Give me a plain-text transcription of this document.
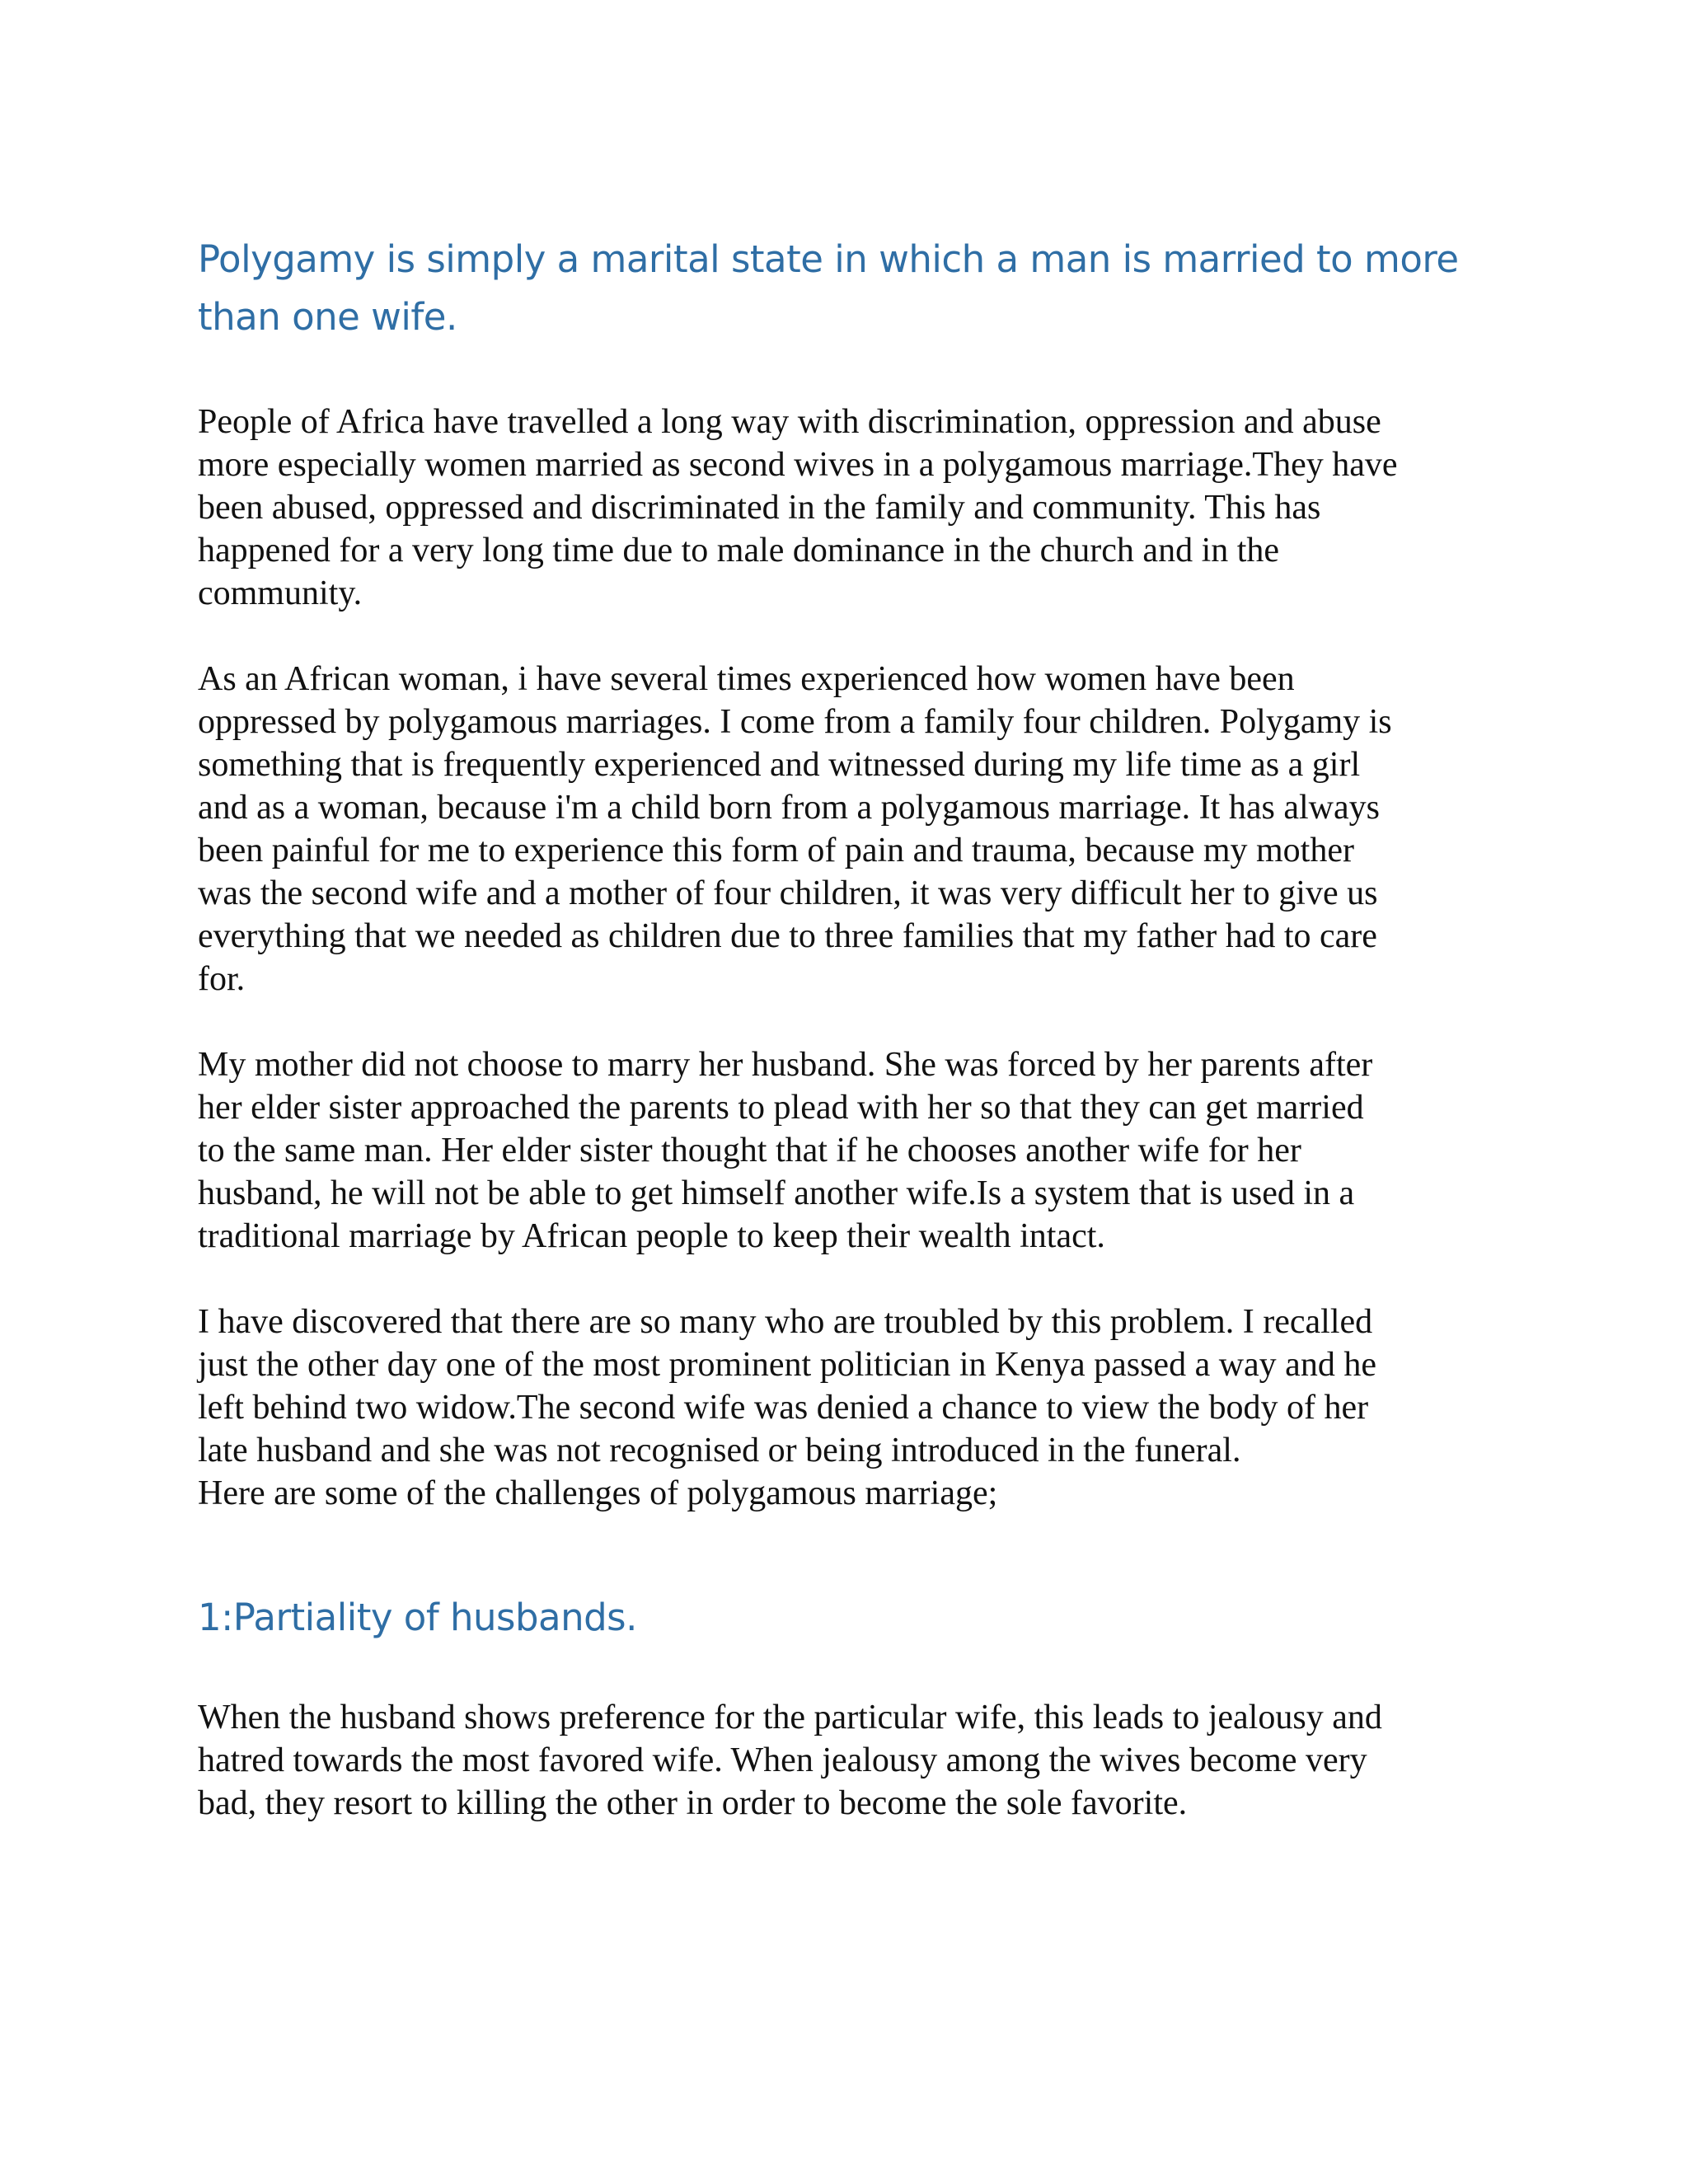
Polygamy is simply a marital state in which a man is married to more
than one wife.

People of Africa have travelled a long way with discrimination, oppression and abuse
more especially women married as second wives in a polygamous marriage.They have
been abused, oppressed and discriminated in the family and community. This has
happened for a very long time due to male dominance in the church and in the
community.

As an African woman, i have several times experienced how women have been
oppressed by polygamous marriages. I come from a family four children. Polygamy is
something that is frequently experienced and witnessed during my life time as a girl
and as a woman, because i'm a child born from a polygamous marriage. It has always
been painful for me to experience this form of pain and trauma, because my mother
was the second wife and a mother of four children, it was very difficult her to give us
everything that we needed as children due to three families that my father had to care
for.

My mother did not choose to marry her husband. She was forced by her parents after
her elder sister approached the parents to plead with her so that they can get married
to the same man. Her elder sister thought that if he chooses another wife for her
husband, he will not be able to get himself another wife.Is a system that is used in a
traditional marriage by African people to keep their wealth intact.

I have discovered that there are so many who are troubled by this problem. I recalled
just the other day one of the most prominent politician in Kenya passed a way and he
left behind two widow.The second wife was denied a chance to view the body of her
late husband and she was not recognised or being introduced in the funeral.
Here are some of the challenges of polygamous marriage;

1:Partiality of husbands.

When the husband shows preference for the particular wife, this leads to jealousy and
hatred towards the most favored wife. When jealousy among the wives become very
bad, they resort to killing the other in order to become the sole favorite.
